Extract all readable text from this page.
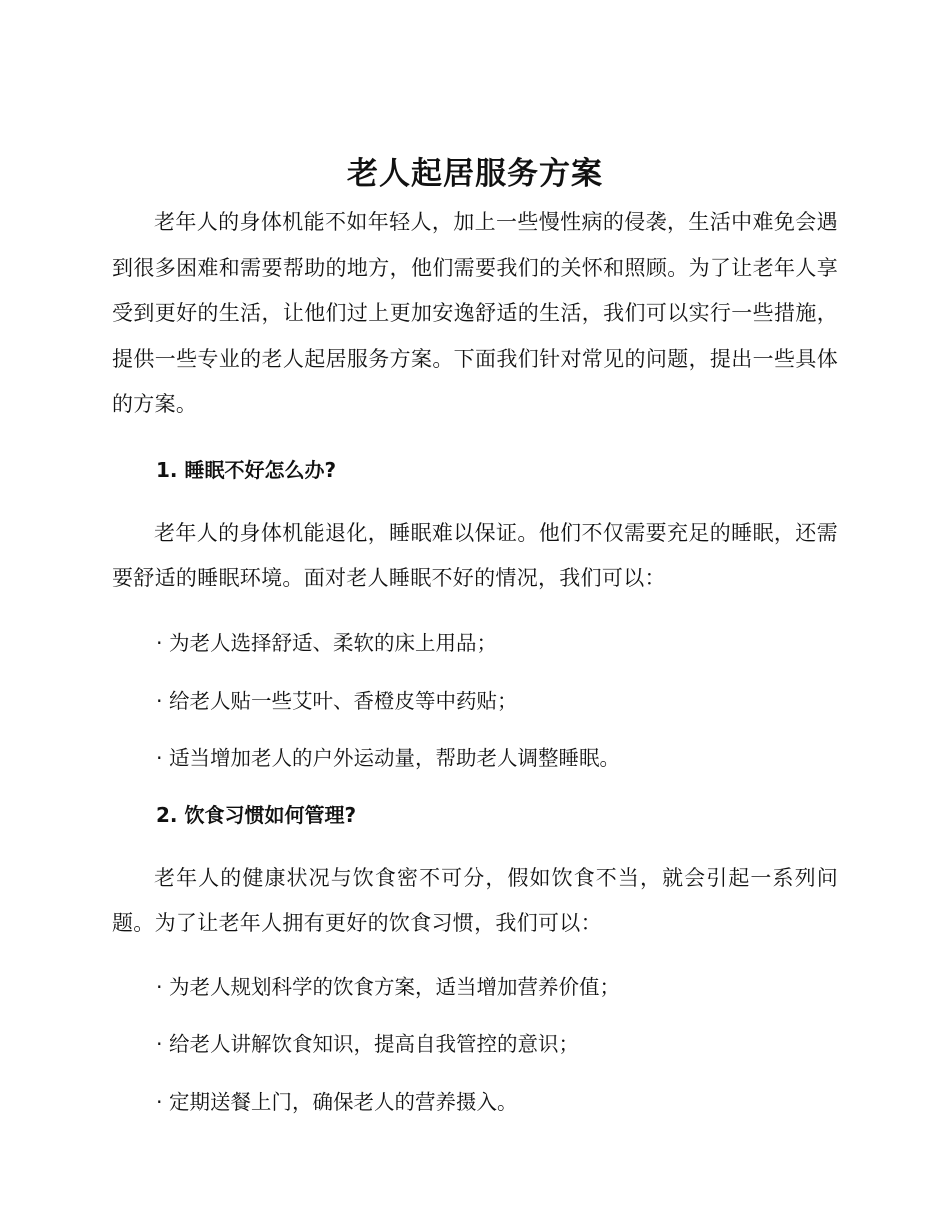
老人起居服务方案

老年人的身体机能不如年轻人，加上一些慢性病的侵袭，生活中难免会遇到很多困难和需要帮助的地方，他们需要我们的关怀和照顾。为了让老年人享受到更好的生活，让他们过上更加安逸舒适的生活，我们可以实行一些措施，提供一些专业的老人起居服务方案。下面我们针对常见的问题，提出一些具体的方案。

1. 睡眠不好怎么办?

老年人的身体机能退化，睡眠难以保证。他们不仅需要充足的睡眠，还需要舒适的睡眠环境。面对老人睡眠不好的情况，我们可以：

· 为老人选择舒适、柔软的床上用品；

· 给老人贴一些艾叶、香橙皮等中药贴；

· 适当增加老人的户外运动量，帮助老人调整睡眠。

2. 饮食习惯如何管理?

老年人的健康状况与饮食密不可分，假如饮食不当，就会引起一系列问题。为了让老年人拥有更好的饮食习惯，我们可以：

· 为老人规划科学的饮食方案，适当增加营养价值；

· 给老人讲解饮食知识，提高自我管控的意识；

· 定期送餐上门，确保老人的营养摄入。
